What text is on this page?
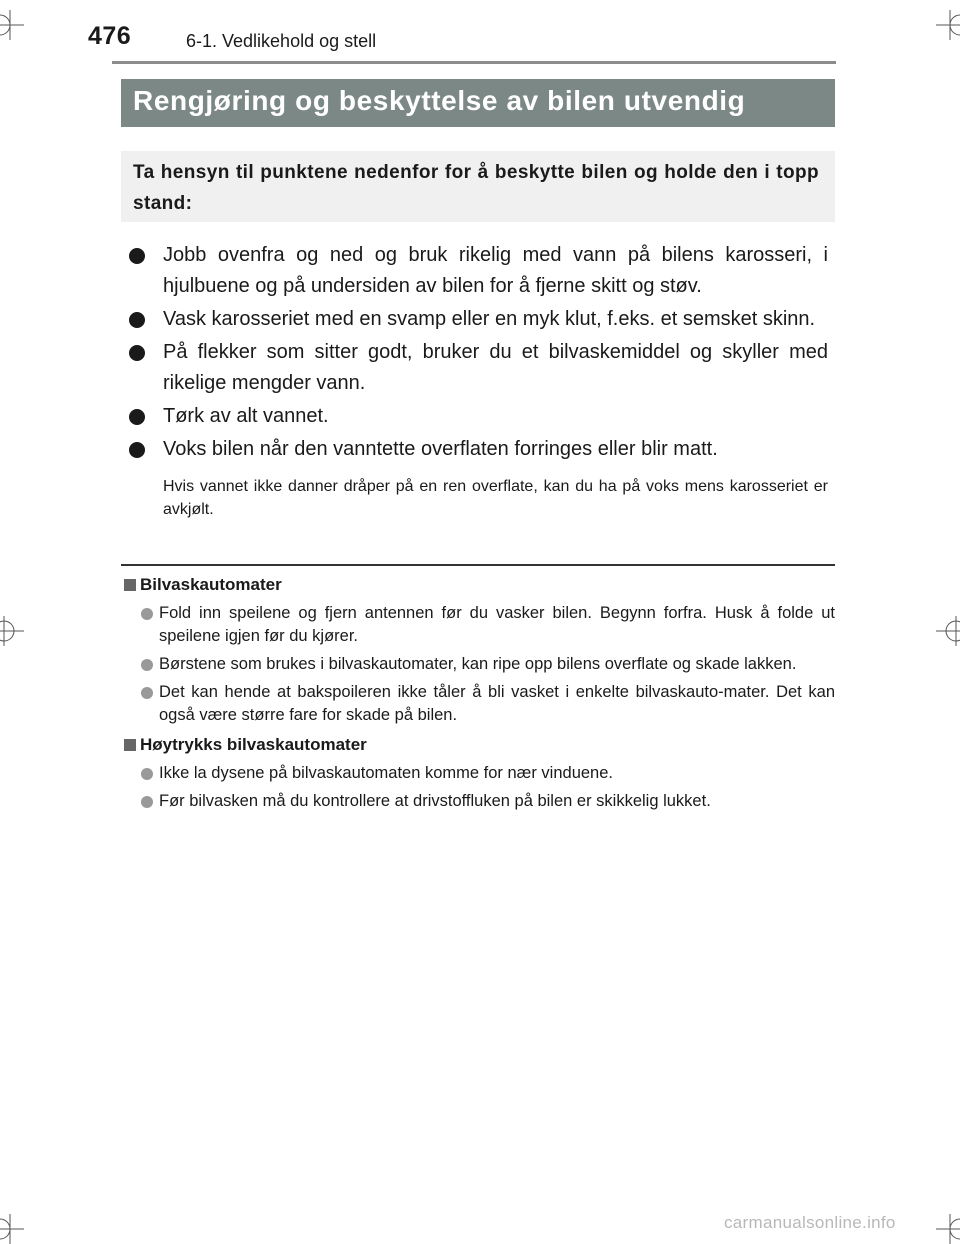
476	6-1. Vedlikehold og stell
Rengjøring og beskyttelse av bilen utvendig
Ta hensyn til punktene nedenfor for å beskytte bilen og holde den i topp stand:
Jobb ovenfra og ned og bruk rikelig med vann på bilens karosseri, i hjulbuene og på undersiden av bilen for å fjerne skitt og støv.
Vask karosseriet med en svamp eller en myk klut, f.eks. et semsket skinn.
På flekker som sitter godt, bruker du et bilvaskemiddel og skyller med rikelige mengder vann.
Tørk av alt vannet.
Voks bilen når den vanntette overflaten forringes eller blir matt.
Hvis vannet ikke danner dråper på en ren overflate, kan du ha på voks mens karosseriet er avkjølt.
Bilvaskautomater
Fold inn speilene og fjern antennen før du vasker bilen. Begynn forfra. Husk å folde ut speilene igjen før du kjører.
Børstene som brukes i bilvaskautomater, kan ripe opp bilens overflate og skade lakken.
Det kan hende at bakspoileren ikke tåler å bli vasket i enkelte bilvaskauto-mater. Det kan også være større fare for skade på bilen.
Høytrykks bilvaskautomater
Ikke la dysene på bilvaskautomaten komme for nær vinduene.
Før bilvasken må du kontrollere at drivstoffluken på bilen er skikkelig lukket.
carmanualsonline.info
